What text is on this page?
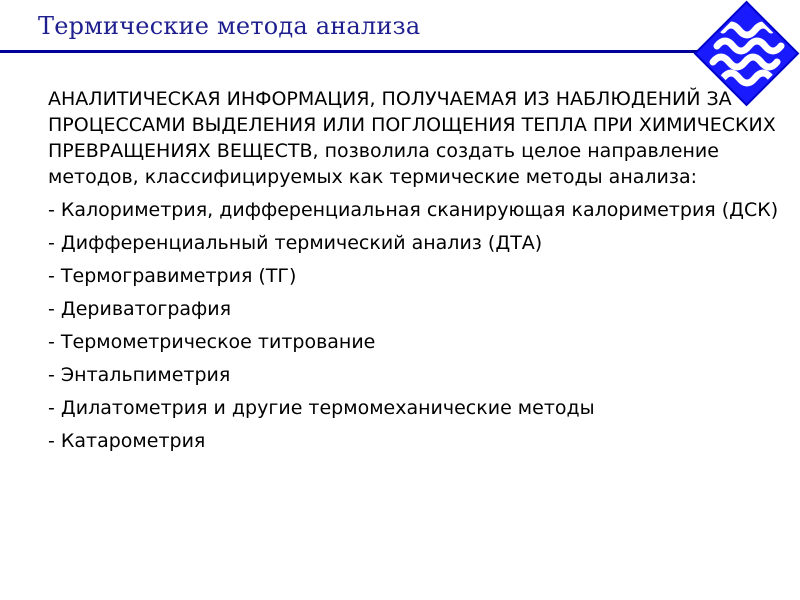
Термические метода анализа

АНАЛИТИЧЕСКАЯ ИНФОРМАЦИЯ, ПОЛУЧАЕМАЯ ИЗ НАБЛЮДЕНИЙ ЗА ПРОЦЕССАМИ ВЫДЕЛЕНИЯ ИЛИ ПОГЛОЩЕНИЯ ТЕПЛА ПРИ ХИМИЧЕСКИХ ПРЕВРАЩЕНИЯХ ВЕЩЕСТВ, позволила создать целое направление методов, классифицируемых как термические методы анализа:

- Калориметрия, дифференциальная сканирующая калориметрия (ДСК)
- Дифференциальный термический анализ (ДТА)
- Термогравиметрия (ТГ)
- Дериватография
- Термометрическое титрование
- Энтальпиметрия
- Дилатометрия и другие термомеханические методы
- Катарометрия
